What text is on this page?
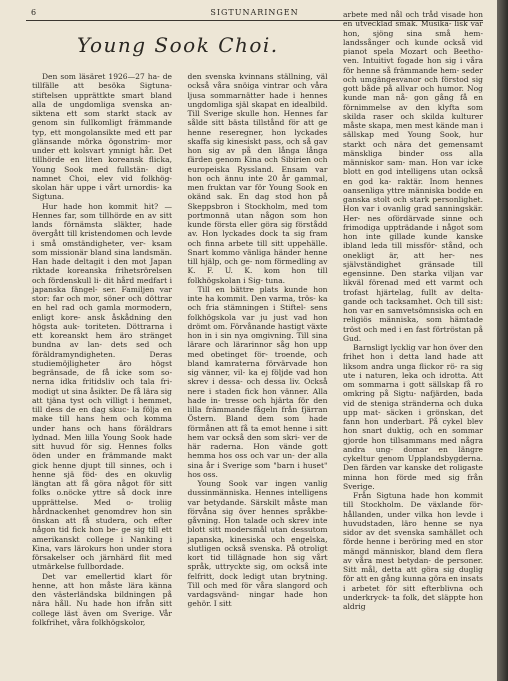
6	SIGTUNARINGEN
Young Sook Choi.

Den som läsäret 1926—27 ha- de tillfälle att besöka Sigtuna- stiftelsen upprättkte smart bland alla de ungdomliga svenska an- siktena ett som starkt stack av genom sin fullkomligt främmande typ, ett mongolansikte med ett par glänsande mörka ögonstrim- mor under ett kolsvart ymnigt hår. Det tillhörde en liten koreansk flicka, Young Sook med fullstän- digt namnet Choi, elev vid folkhög- skolan här uppe i vårt urnordis- ka Sigtuna.

Hur hade hon kommit hit? — Hennes far, som tillhörde en av sitt lands förnämsta släkter, hade övergått till kristendomen och levde i små omständigheter, ver- ksam som missionär bland sina landsmän. Han hade deltagit i den mot Japan riktade koreanska frihetsrörelsen och fördenskull li- dit hård medfart i japanska fängel- ser. Familjen var stor: far och mor, söner och döttrar en hel rad och gamla mormodern, enligt kore- ansk åskådning den högsta auk- toriteten. Döttrarna i ett koreanskt hem äro stränget bundna av lan- dets sed och föräldramyndigheten. Deras studiemöjligheter äro högst begränsade, de få icke som so- nerna idka fritidsliv och tala fri- modigt ut sina åsikter. De få lära sig att tjäna tyst och villigt i hemmet, till dess de en dag skuc- la följa en make till hans hem och komma under hans och hans föräldrars lydnad. Men lilla Young Sook hade sitt huvud för sig. Hennes folks öden under en främmande makt gick henne djupt till sinnes, och i henne sjä föd- des en okuvlig längtan att få göra något för sitt folks o.nöcke yttre så dock inre upprättelse. Med o- troliig hårdnackenhet genomdrev hon sin önskan att få studera, och efter någon tid fick hon be- ge sig till ett amerikanskt college i Nanking i Kina, vars lärokurs hon under stora försakelser och järnhärd flit med utmärkelse fullbordade.

Det var emellertid klart för henne, att hon måste lära känna den västerländska bildningen på nära håll. Nu hade hon ifrån sitt college läst även om Sverige. Vår folkfrihet, våra folkhögskolor,

den svenska kvinnans ställning, väl också våra snöiga vintrar och våra ljusa sommarnätter hade i hennes ungdomliga själ skapat en idealbild. Till Sverige skulle hon. Hennes far sålde sitt bästa tillstånd för att ge henne reseregner, hon lyckades skaffa sig kinesiskt pass, och så gav hon sig av på den långa långa färden genom Kina och Sibirien och europeiska Ryssland. Ensam var hon och ännu inte 20 år gammal, men fruktan var för Young Sook en okänd sak. En dag stod hon på Skeppsbron i Stockholm, med tom portmonnä utan någon som hon kunde första eller göra sig förstådd av. Hon lyckades dock ta sig fram och finna arbete till sitt uppehälle. Snart kommo vänliga händer henne till hjälp, och ge- nom förmedling av K. F. U. K. kom hon till folkhögskolan i Sig- tuna.

Till en bättre plats kunde hon inte ha kommit. Den varma, trös- ka och fria stämningen i Stiftel- sens folkhögskola var ju just vad hon drömt om. Förvånande hastigt växte hon in i sin nya omgivning. Till sina lärare och lärarinnor såg hon upp med obetinget för- troende, och bland kamraterna förvärvade hon sig vänner, vil- ka ej följde vad hon skrev i dessa- och dessa liv. Också nere i staden fick hon vänner. Alla hade in- tresse och hjärta för den lilla främmande fågeln från fjärran Östern. Bland dem som hade förmånen att få ta emot henne i sitt hem var också den som skri- ver de här raderna. Hon vände gott hemma hos oss och var un- der alla sina år i Sverige som "barn i huset" hos oss.

Young Sook var ingen vanlig dussinmänniska. Hennes intelligens var betydande. Särskilt måste man förvåna sig över hennes språkbe- gåvning. Hon talade och skrev inte blott sitt modersmål utan dessutom japanska, kinesiska och engelska, slutligen också svenska. På otroligt kort tid tillägnade hon sig vårt språk, uttryckte sig, om också inte felfritt, dock ledigt utan brytning. Till och med för våra slangord och vardagsvänd- ningar hade hon gehör. I sitt

arbete med nål och tråd visade hon en utvecklad smak. Musika- lisk var hon, sjöng sina små hem- landssånger och kunde också vid pianot spela Mozart och Beetho- ven. Intuitivt fogade hon sig i våra för henne så främmande hem- seder och umgängesvanor och förstod sig gott både på allvar och humor. Nog kunde man nå- gon gång få en förnimmelse av den klyfta som skilda raser och skilda kulturer måste skapa, men mest kände man i sällskap med Young Sook, hur starkt och nära det gemensamt mänskliga binder oss alla människor sam- man. Hon var icke blott en god intelligens utan också en god ka- raktär. Inom hennes oansenliga yttre människa bodde en ganska stolt och stark personlighet. Hon var i ovanlig grad sanningskär. Her- nes ofördärvade sinne och frimodiga uppträdande i något som hon inte gillade kunde kanske ibland leda till missför- stånd, och onekligt är, att her- nes självständighet gränsade till egensinne. Den starka viljan var likväl förenad med ett varmt och trofast hjärtelag, fullt av delta- gande och tacksamhet. Och till sist: hon var en samvetsömnsiska och en religiös människa, som hämtade tröst och med i en fast förtröstan på Gud.

Barnsligt lycklig var hon över den frihet hon i detta land hade att liksom andra unga flickor rö- ra sig ute i naturen, leka och idrotta. Att om sommarna i gott sällskap få ro omkring på Sigtu- nafjärden, bada vid de steniga stränderna och duka upp mat- säcken i grönskan, det fann hon underbart. På cykel blev hon snart duktig, och en sommar gjorde hon tillsammans med några andra ung- domar en längre cykeltur genom Upplandsbygderna. Den färden var kanske det roligaste minna hon förde med sig från Sverige.

Från Sigtuna hade hon kommit till Stockholm. De växlande för- hållanden, under vilka hon levde i huvudstaden, läro henne se nya sidor av det svenska samhället och förde henne i beröring med en stor mängd människor, bland dem flera av våra mest betydan- de personer. Sitt mål, detta att göra sig duglig för att en gång kunna göra en insats i arbetet för sitt efterblivna och underkryck- ta folk, det släppte hon aldrig
